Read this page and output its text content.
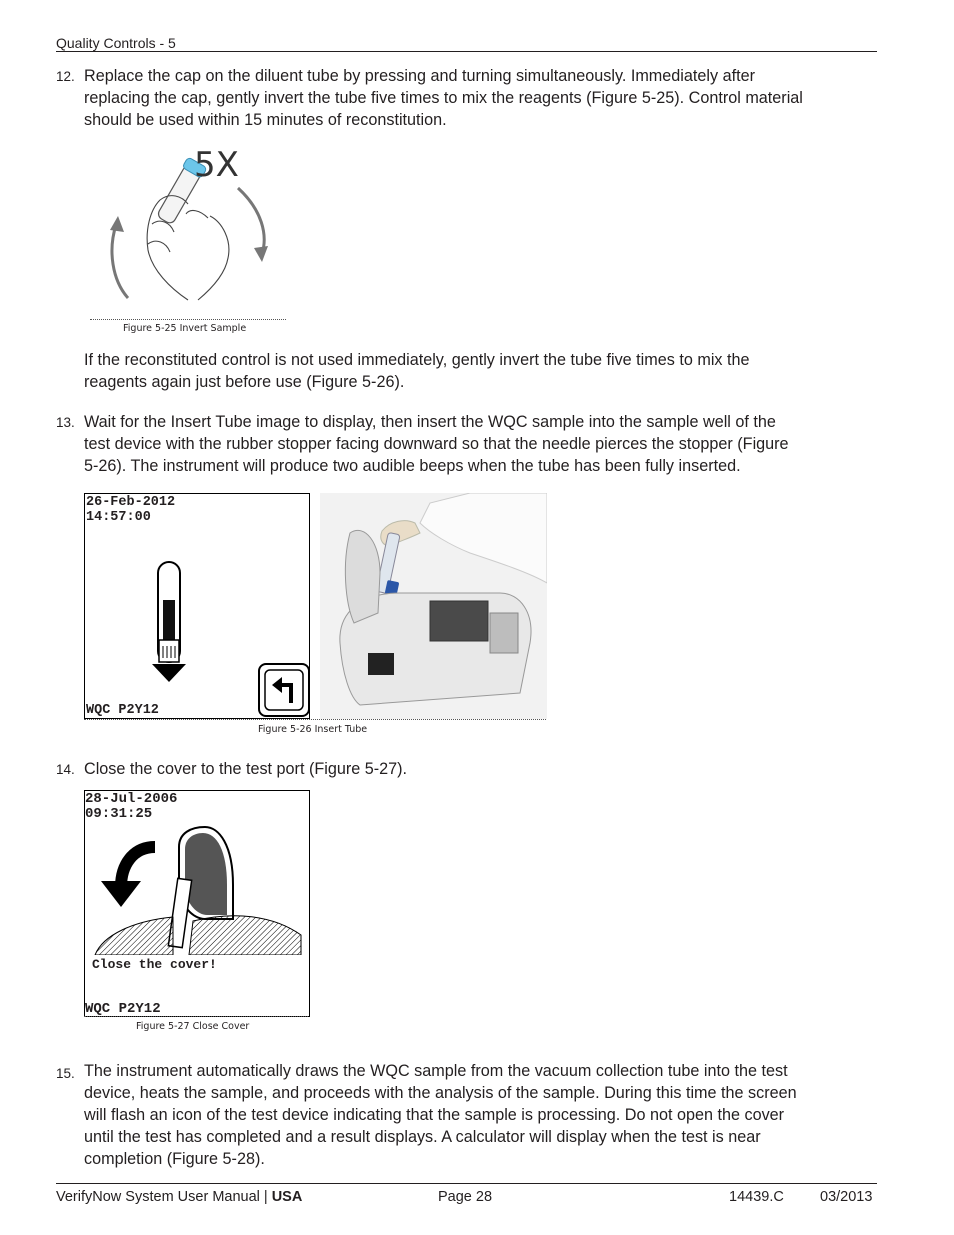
Quality Controls - 5
12. Replace the cap on the diluent tube by pressing and turning simultaneously. Immediately after
replacing the cap, gently invert the tube five times to mix the reagents (Figure 5-25). Control material
should be used within 15 minutes of reconstitution.
5X
Figure 5-25 Invert Sample
If the reconstituted control is not used immediately, gently invert the tube five times to mix the
reagents again just before use (Figure 5-26).
13. Wait for the Insert Tube image to display, then insert the WQC sample into the sample well of the
test device with the rubber stopper facing downward so that the needle pierces the stopper (Figure
5-26). The instrument will produce two audible beeps when the tube has been fully inserted.
26-Feb-2012
14:57:00
WQC P2Y12
Figure 5-26 Insert Tube
14. Close the cover to the test port (Figure 5-27).
28-Jul-2006
09:31:25
Close the cover!
WQC P2Y12
Figure 5-27 Close Cover
15. The instrument automatically draws the WQC sample from the vacuum collection tube into the test
device, heats the sample, and proceeds with the analysis of the sample. During this time the screen
will flash an icon of the test device indicating that the sample is processing. Do not open the cover
until the test has completed and a result displays. A calculator will display when the test is near
completion (Figure 5-28).
VerifyNow System User Manual | USA	Page 28	14439.C 03/2013
